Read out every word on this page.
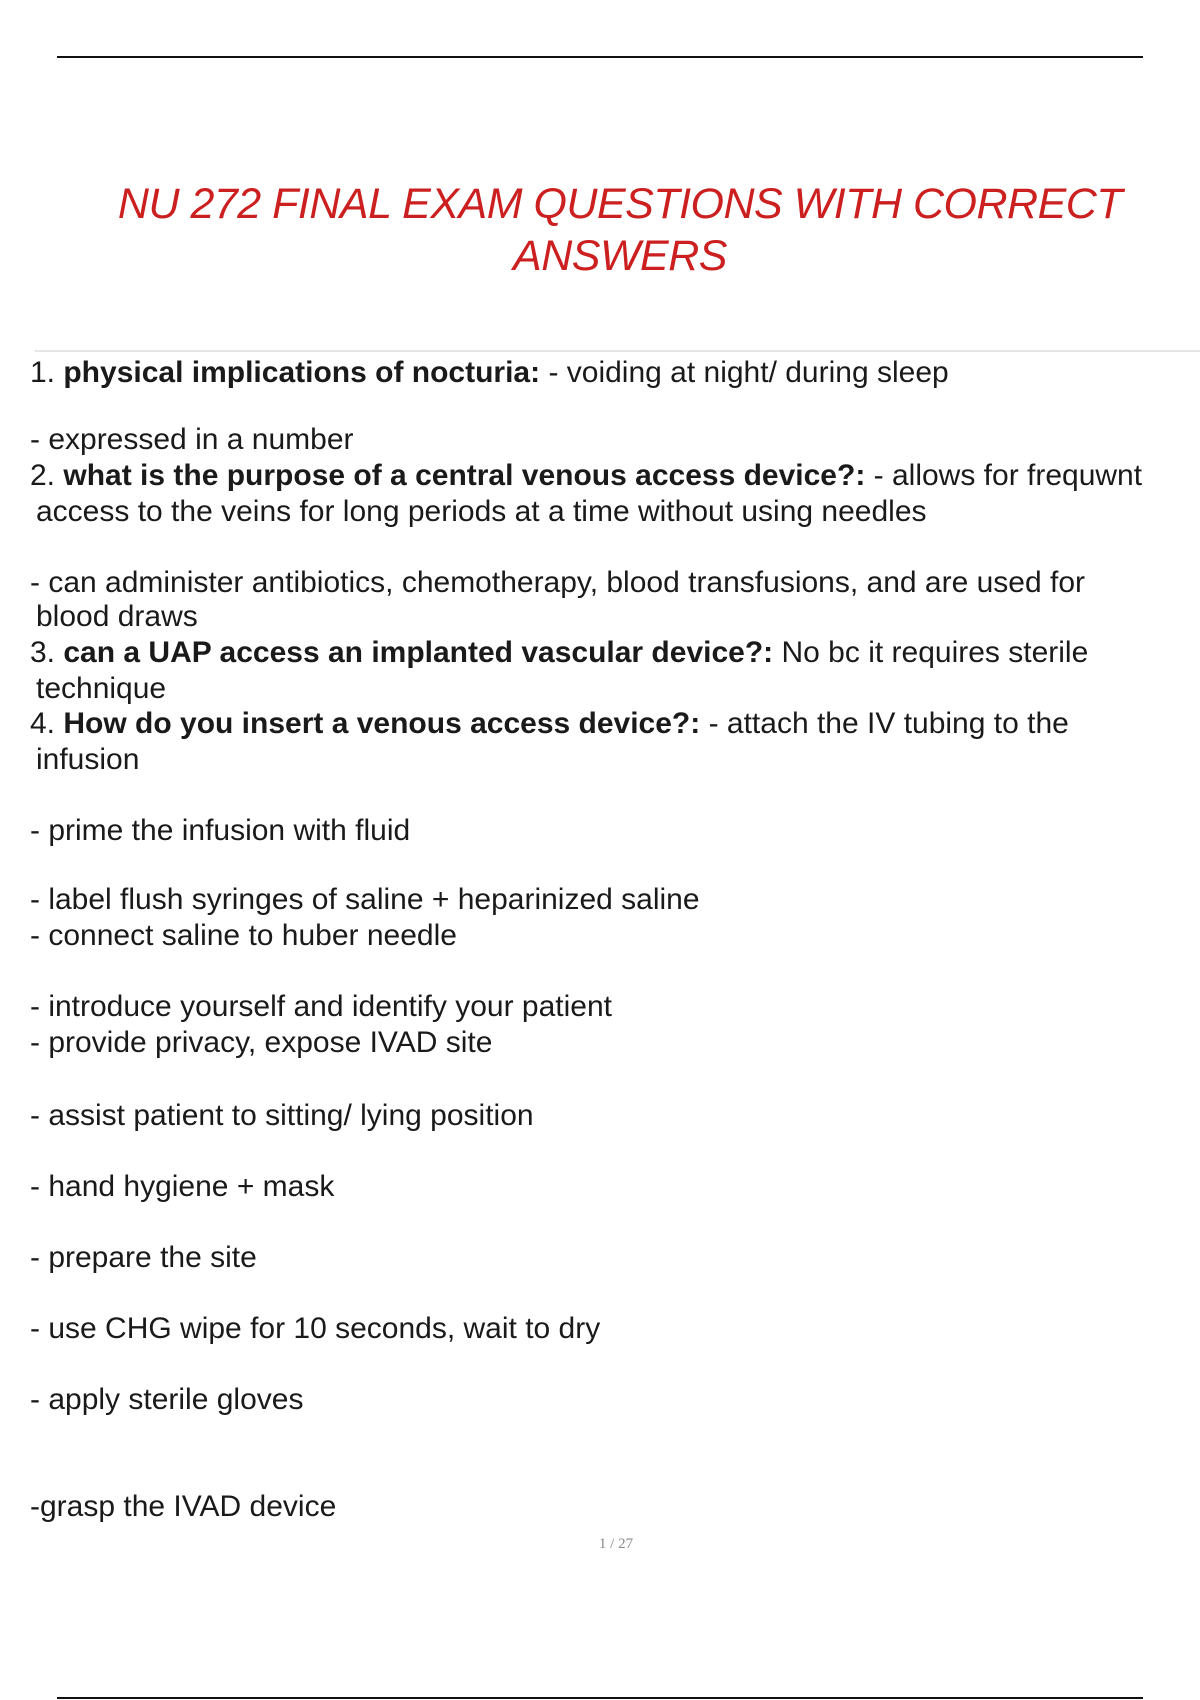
NU 272 FINAL EXAM QUESTIONS WITH CORRECT
ANSWERS
1. physical implications of nocturia: - voiding at night/ during sleep
- expressed in a number
2. what is the purpose of a central venous access device?: - allows for frequwnt
access to the veins for long periods at a time without using needles
- can administer antibiotics, chemotherapy, blood transfusions, and are used for
blood draws
3. can a UAP access an implanted vascular device?: No bc it requires sterile
technique
4. How do you insert a venous access device?: - attach the IV tubing to the
infusion
- prime the infusion with fluid
- label flush syringes of saline + heparinized saline
- connect saline to huber needle
- introduce yourself and identify your patient
- provide privacy, expose IVAD site
- assist patient to sitting/ lying position
- hand hygiene + mask
- prepare the site
- use CHG wipe for 10 seconds, wait to dry
- apply sterile gloves
-grasp the IVAD device
1 / 27
